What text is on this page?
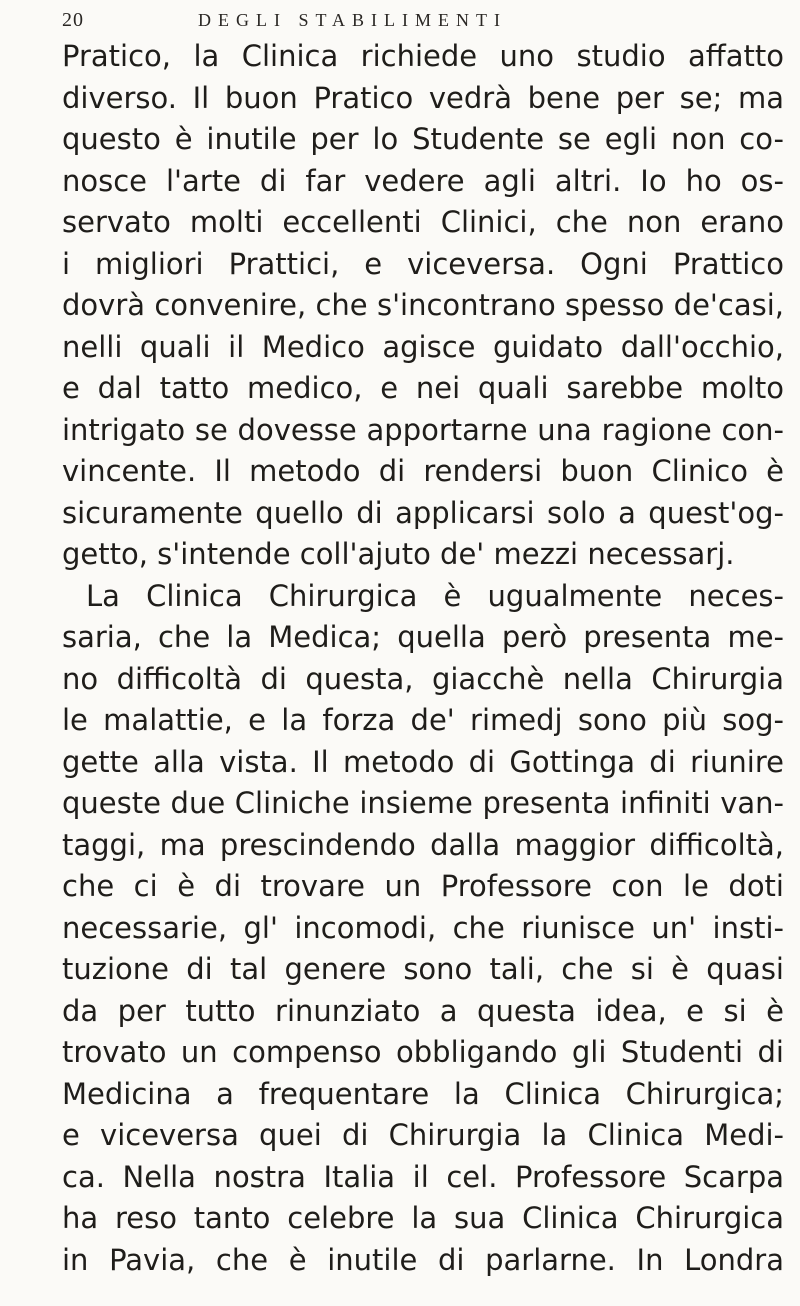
20	DEGLI STABILIMENTI
Pratico, la Clinica richiede uno studio affatto
diverso. Il buon Pratico vedrà bene per se; ma
questo è inutile per lo Studente se egli non co-
nosce l'arte di far vedere agli altri. Io ho os-
servato molti eccellenti Clinici, che non erano
i migliori Prattici, e viceversa. Ogni Prattico
dovrà convenire, che s'incontrano spesso de'casi,
nelli quali il Medico agisce guidato dall'occhio,
e dal tatto medico, e nei quali sarebbe molto
intrigato se dovesse apportarne una ragione con-
vincente. Il metodo di rendersi buon Clinico è
sicuramente quello di applicarsi solo a quest'og-
getto, s'intende coll'ajuto de' mezzi necessarj.
La Clinica Chirurgica è ugualmente neces-
saria, che la Medica; quella però presenta me-
no difficoltà di questa, giacchè nella Chirurgia
le malattie, e la forza de' rimedj sono più sog-
gette alla vista. Il metodo di Gottinga di riunire
queste due Cliniche insieme presenta infiniti van-
taggi, ma prescindendo dalla maggior difficoltà,
che ci è di trovare un Professore con le doti
necessarie, gl' incomodi, che riunisce un' insti-
tuzione di tal genere sono tali, che si è quasi
da per tutto rinunziato a questa idea, e si è
trovato un compenso obbligando gli Studenti di
Medicina a frequentare la Clinica Chirurgica;
e viceversa quei di Chirurgia la Clinica Medi-
ca. Nella nostra Italia il cel. Professore Scarpa
ha reso tanto celebre la sua Clinica Chirurgica
in Pavia, che è inutile di parlarne. In Londra
